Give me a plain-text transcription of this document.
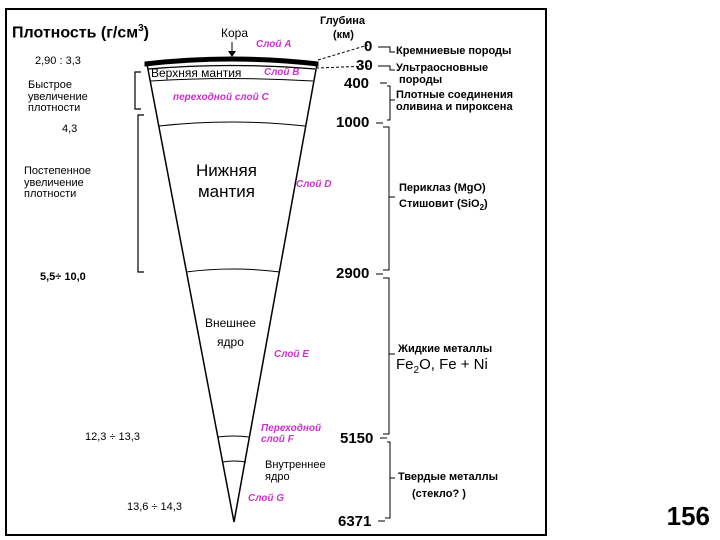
Плотность $(г/см^3)$
Глубина
(км)
2,90 : 3,3
Быстрое
увеличение
плотности
4,3
Постепенное
увеличение
плотности
5,5÷ 10,0
12,3 ÷ 13,3
13,6 ÷ 14,3
Кора
Слой A
Верхняя мантия Слой B
переходной слой C
Нижняя
мантия	Слой D
Внешнее
ядро
Слой E
Переходной
слой F
Внутреннее
ядро
Слой G
0
30
400
1000
2900
5150
6371
Кремниевые породы
Ультраосновные
породы
Плотные соединения
оливина и пироксена
Периклаз (MgO)
Стишовит (SiO$_2$)
Жидкие металлы
$Fe_2O$, Fe + Ni
Твердые металлы
(стекло? )
156
